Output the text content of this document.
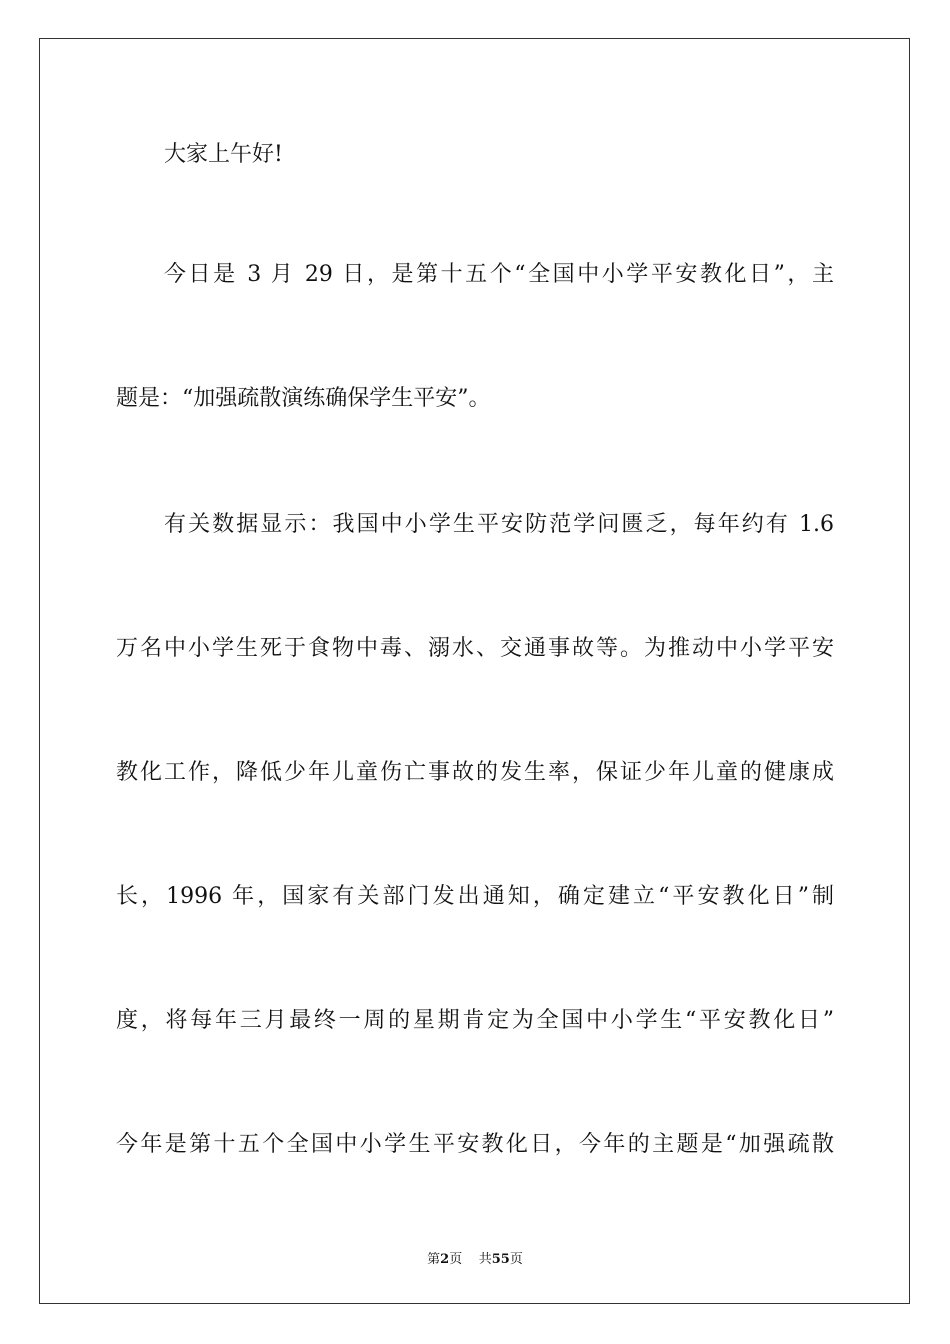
大家上午好!
今日是 3 月 29 日，是第十五个“全国中小学平安教化日”，主
题是：“加强疏散演练确保学生平安”。
有关数据显示：我国中小学生平安防范学问匮乏，每年约有 1.6
万名中小学生死于食物中毒、溺水、交通事故等。为推动中小学平安
教化工作，降低少年儿童伤亡事故的发生率，保证少年儿童的健康成
长，1996 年，国家有关部门发出通知，确定建立“平安教化日”制
度，将每年三月最终一周的星期肯定为全国中小学生“平安教化日”
今年是第十五个全国中小学生平安教化日，今年的主题是“加强疏散
第2页 共55页
